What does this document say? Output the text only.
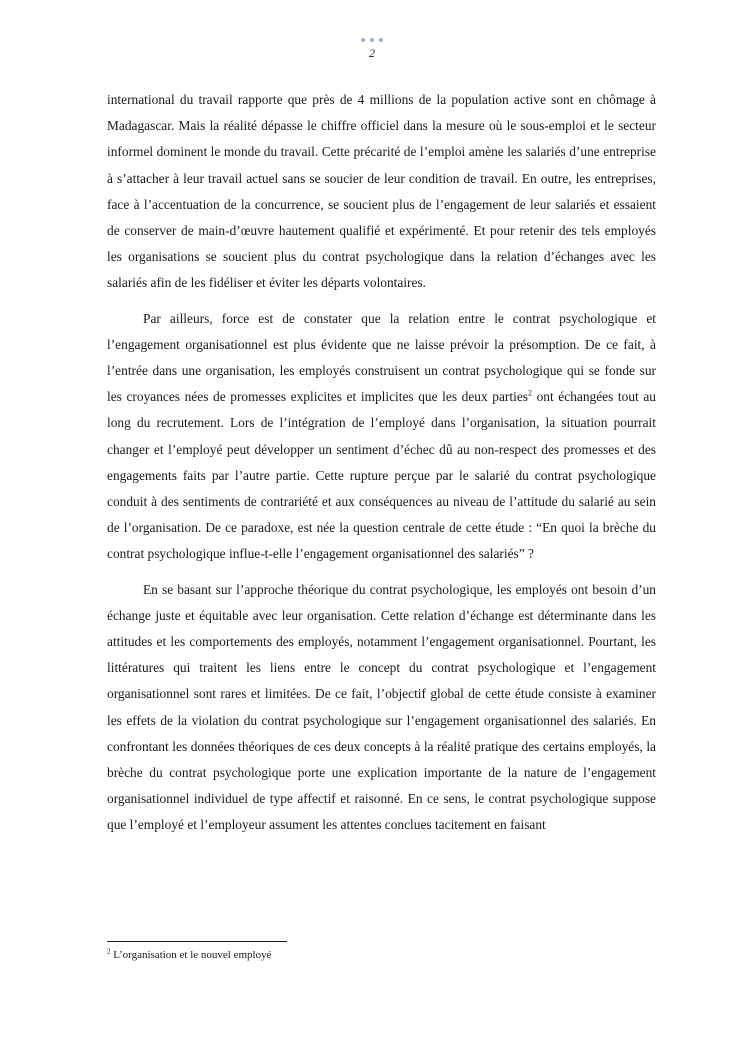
2

international du travail rapporte que près de 4 millions de la population active sont en chômage à Madagascar. Mais la réalité dépasse le chiffre officiel dans la mesure où le sous-emploi et le secteur informel dominent le monde du travail. Cette précarité de l’emploi amène les salariés d’une entreprise à s’attacher à leur travail actuel sans se soucier de leur condition de travail. En outre, les entreprises, face à l’accentuation de la concurrence, se soucient plus de l’engagement de leur salariés et essaient de conserver de main-d’œuvre hautement qualifié et expérimenté. Et pour retenir des tels employés les organisations se soucient plus du contrat psychologique dans la relation d’échanges avec les salariés afin de les fidéliser et éviter les départs volontaires.

Par ailleurs, force est de constater que la relation entre le contrat psychologique et l’engagement organisationnel est plus évidente que ne laisse prévoir la présomption. De ce fait, à l’entrée dans une organisation, les employés construisent un contrat psychologique qui se fonde sur les croyances nées de promesses explicites et implicites que les deux parties$^2$ ont échangées tout au long du recrutement. Lors de l’intégration de l’employé dans l’organisation, la situation pourrait changer et l’employé peut développer un sentiment d’échec dû au non-respect des promesses et des engagements faits par l’autre partie. Cette rupture perçue par le salarié du contrat psychologique conduit à des sentiments de contrariété et aux conséquences au niveau de l’attitude du salarié au sein de l’organisation. De ce paradoxe, est née la question centrale de cette étude : “En quoi la brèche du contrat psychologique influe-t-elle l’engagement organisationnel des salariés” ?

En se basant sur l’approche théorique du contrat psychologique, les employés ont besoin d’un échange juste et équitable avec leur organisation. Cette relation d’échange est déterminante dans les attitudes et les comportements des employés, notamment l’engagement organisationnel. Pourtant, les littératures qui traitent les liens entre le concept du contrat psychologique et l’engagement organisationnel sont rares et limitées. De ce fait, l’objectif global de cette étude consiste à examiner les effets de la violation du contrat psychologique sur l’engagement organisationnel des salariés. En confrontant les données théoriques de ces deux concepts à la réalité pratique des certains employés, la brèche du contrat psychologique porte une explication importante de la nature de l’engagement organisationnel individuel de type affectif et raisonné. En ce sens, le contrat psychologique suppose que l’employé et l’employeur assument les attentes conclues tacitement en faisant

$^2$ L’organisation et le nouvel employé
